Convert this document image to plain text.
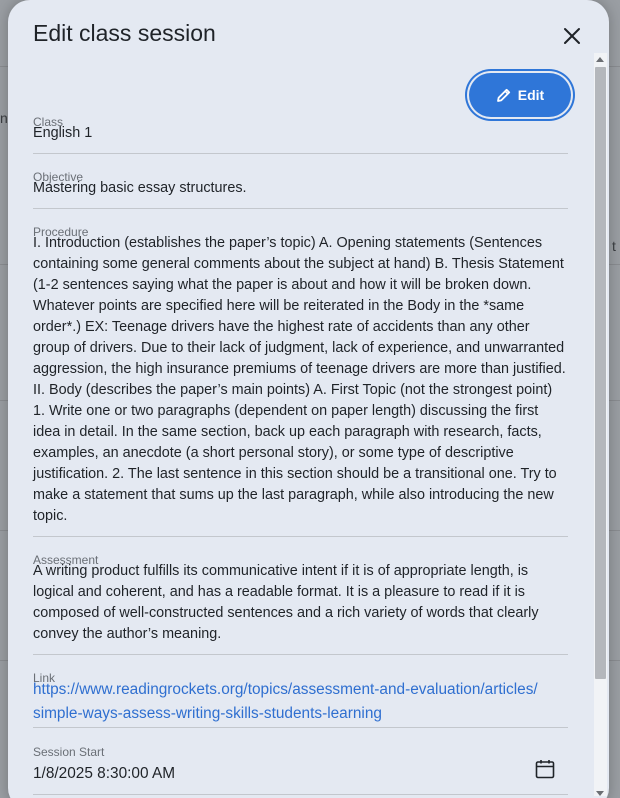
n
t
Edit class session
Edit
Class
English 1
Objective
Mastering basic essay structures.
Procedure
I. Introduction (establishes the paper’s topic) A. Opening statements (Sentences containing some general comments about the subject at hand) B. Thesis Statement (1-2 sentences saying what the paper is about and how it will be broken down. Whatever points are specified here will be reiterated in the Body in the *same order*.) EX: Teenage drivers have the highest rate of accidents than any other group of drivers. Due to their lack of judgment, lack of experience, and unwarranted aggression, the high insurance premiums of teenage drivers are more than justified. II. Body (describes the paper’s main points) A. First Topic (not the strongest point) 1. Write one or two paragraphs (dependent on paper length) discussing the first idea in detail. In the same section, back up each paragraph with research, facts, examples, an anecdote (a short personal story), or some type of descriptive justification. 2. The last sentence in this section should be a transitional one. Try to make a statement that sums up the last paragraph, while also introducing the new topic.
Assessment
A writing product fulfills its communicative intent if it is of appropriate length, is logical and coherent, and has a readable format. It is a pleasure to read if it is composed of well-constructed sentences and a rich variety of words that clearly convey the author’s meaning.
Link
https://www.readingrockets.org/topics/assessment-and-evaluation/articles/simple-ways-assess-writing-skills-students-learning
Session Start
1/8/2025 8:30:00 AM
